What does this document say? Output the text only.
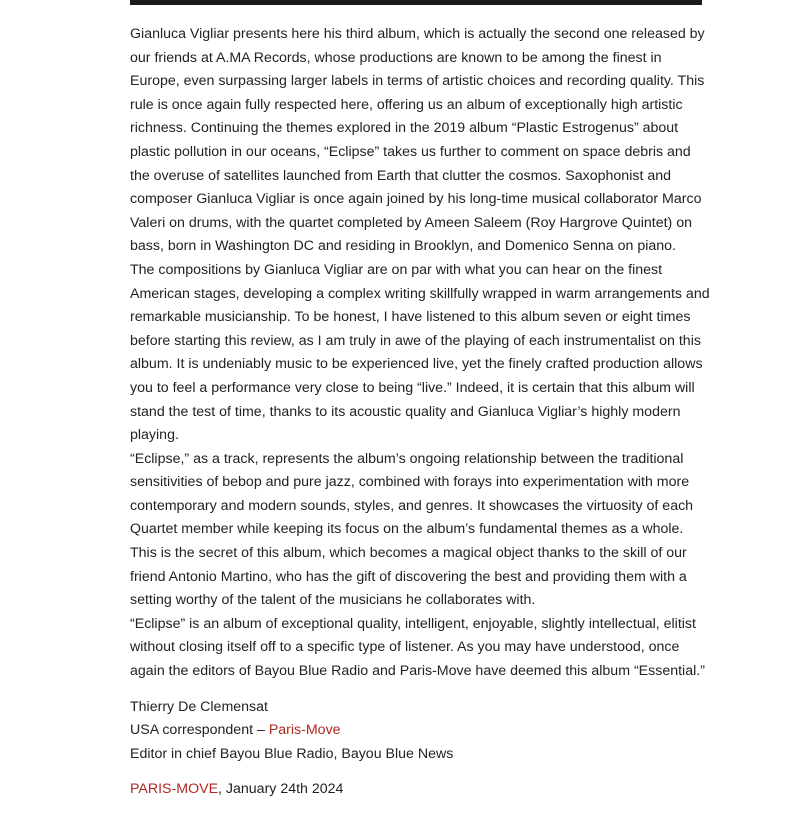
Gianluca Vigliar presents here his third album, which is actually the second one released by our friends at A.MA Records, whose productions are known to be among the finest in Europe, even surpassing larger labels in terms of artistic choices and recording quality. This rule is once again fully respected here, offering us an album of exceptionally high artistic richness. Continuing the themes explored in the 2019 album “Plastic Estrogenus” about plastic pollution in our oceans, “Eclipse” takes us further to comment on space debris and the overuse of satellites launched from Earth that clutter the cosmos. Saxophonist and composer Gianluca Vigliar is once again joined by his long-time musical collaborator Marco Valeri on drums, with the quartet completed by Ameen Saleem (Roy Hargrove Quintet) on bass, born in Washington DC and residing in Brooklyn, and Domenico Senna on piano.

The compositions by Gianluca Vigliar are on par with what you can hear on the finest American stages, developing a complex writing skillfully wrapped in warm arrangements and remarkable musicianship. To be honest, I have listened to this album seven or eight times before starting this review, as I am truly in awe of the playing of each instrumentalist on this album. It is undeniably music to be experienced live, yet the finely crafted production allows you to feel a performance very close to being “live.” Indeed, it is certain that this album will stand the test of time, thanks to its acoustic quality and Gianluca Vigliar’s highly modern playing.

“Eclipse,” as a track, represents the album’s ongoing relationship between the traditional sensitivities of bebop and pure jazz, combined with forays into experimentation with more contemporary and modern sounds, styles, and genres. It showcases the virtuosity of each Quartet member while keeping its focus on the album’s fundamental themes as a whole. This is the secret of this album, which becomes a magical object thanks to the skill of our friend Antonio Martino, who has the gift of discovering the best and providing them with a setting worthy of the talent of the musicians he collaborates with.

“Eclipse” is an album of exceptional quality, intelligent, enjoyable, slightly intellectual, elitist without closing itself off to a specific type of listener. As you may have understood, once again the editors of Bayou Blue Radio and Paris-Move have deemed this album “Essential.”

Thierry De Clemensat
USA correspondent – Paris-Move
Editor in chief Bayou Blue Radio, Bayou Blue News

PARIS-MOVE, January 24th 2024
